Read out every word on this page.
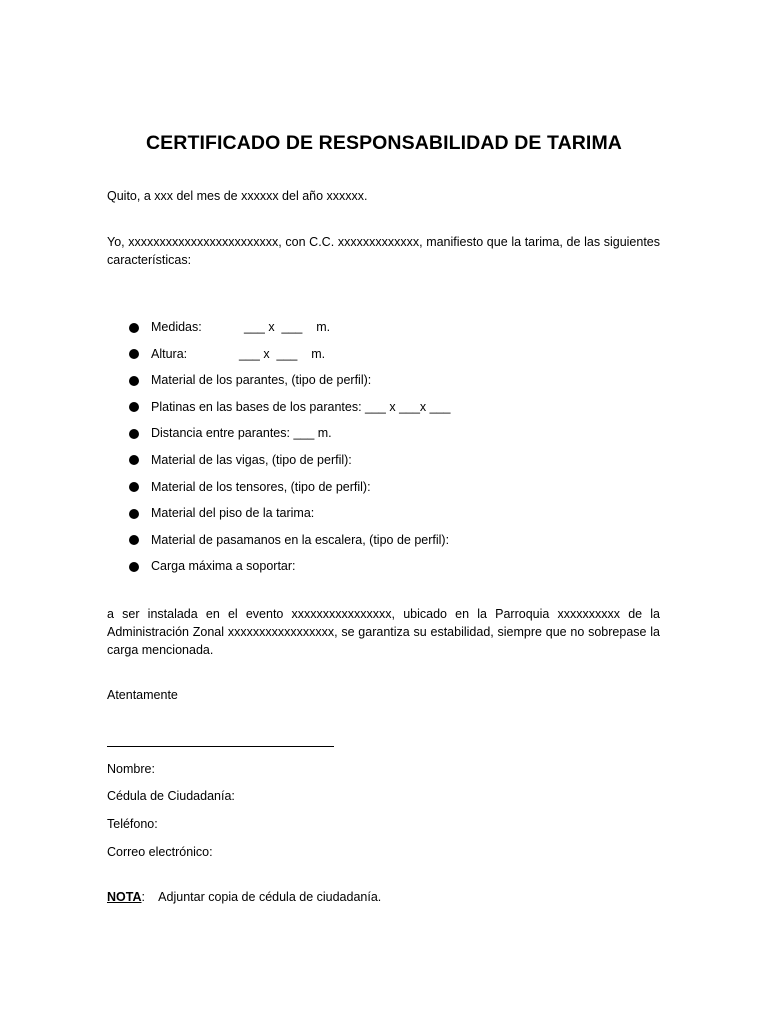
CERTIFICADO DE RESPONSABILIDAD DE TARIMA
Quito, a xxx del mes de xxxxxx del año xxxxxx.
Yo, xxxxxxxxxxxxxxxxxxxxxxxx, con C.C. xxxxxxxxxxxxx, manifiesto que la tarima, de las siguientes características:
Medidas:	___ x  ___    m.
Altura:	___ x  ___    m.
Material de los parantes, (tipo de perfil):
Platinas en las bases de los parantes: ___ x ___x ___
Distancia entre parantes: ___ m.
Material de las vigas, (tipo de perfil):
Material de los tensores, (tipo de perfil):
Material del piso de la tarima:
Material de pasamanos en la escalera, (tipo de perfil):
Carga máxima a soportar:
a ser instalada en el evento xxxxxxxxxxxxxxxx, ubicado en la Parroquia xxxxxxxxxx de la Administración Zonal xxxxxxxxxxxxxxxxx, se garantiza su estabilidad, siempre que no sobrepase la carga mencionada.
Atentamente
Nombre:
Cédula de Ciudadanía:
Teléfono:
Correo electrónico:
NOTA:    Adjuntar copia de cédula de ciudadanía.
